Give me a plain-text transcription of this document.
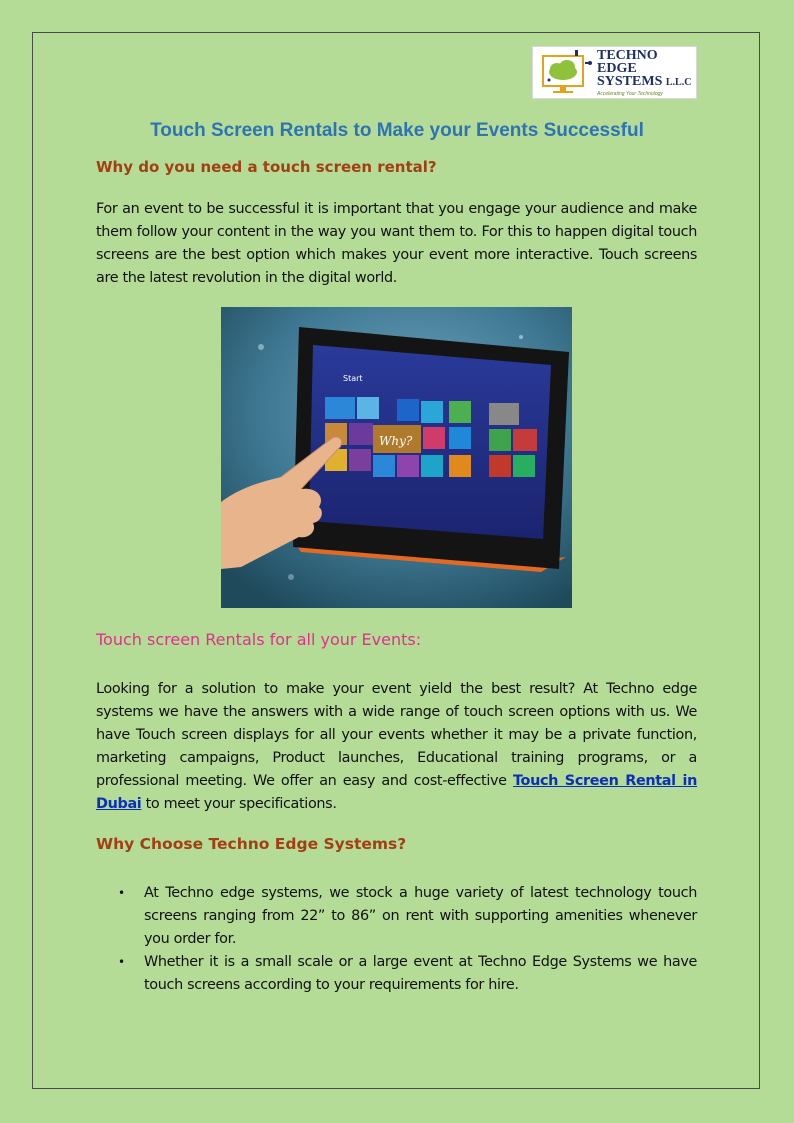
TECHNO
EDGE
SYSTEMS L.L.C
Accelerating Your Technology
Touch Screen Rentals to Make your Events Successful
Why do you need a touch screen rental?

For an event to be successful it is important that you engage your audience and make them follow your content in the way you want them to. For this to happen digital touch screens are the best option which makes your event more interactive. Touch screens are the latest revolution in the digital world.

Start
Why?
Touch screen Rentals for all your Events:

Looking for a solution to make your event yield the best result? At Techno edge systems we have the answers with a wide range of touch screen options with us. We have Touch screen displays for all your events whether it may be a private function, marketing campaigns, Product launches, Educational training programs, or a professional meeting. We offer an easy and cost-effective Touch Screen Rental in Dubai to meet your specifications.

Why Choose Techno Edge Systems?
• At Techno edge systems, we stock a huge variety of latest technology touch screens ranging from 22” to 86” on rent with supporting amenities whenever you order for.
• Whether it is a small scale or a large event at Techno Edge Systems we have touch screens according to your requirements for hire.
